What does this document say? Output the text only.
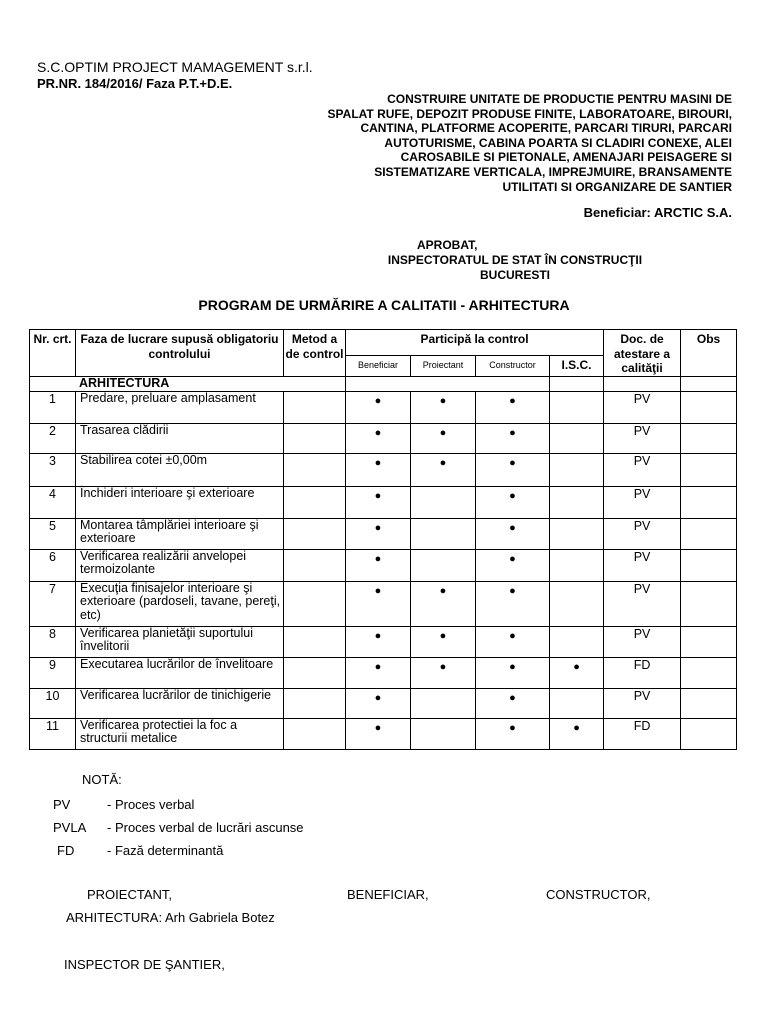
S.C.OPTIM PROJECT MAMAGEMENT s.r.l.
PR.NR. 184/2016/ Faza P.T.+D.E.
CONSTRUIRE UNITATE DE PRODUCTIE PENTRU MASINI DE
SPALAT RUFE, DEPOZIT PRODUSE FINITE, LABORATOARE, BIROURI,
CANTINA, PLATFORME ACOPERITE, PARCARI TIRURI, PARCARI
AUTOTURISME, CABINA POARTA SI CLADIRI CONEXE, ALEI
CAROSABILE SI PIETONALE, AMENAJARI PEISAGERE SI
SISTEMATIZARE VERTICALA, IMPREJMUIRE, BRANSAMENTE
UTILITATI SI ORGANIZARE DE SANTIER
Beneficiar: ARCTIC S.A.
APROBAT,
INSPECTORATUL DE STAT ÎN CONSTRUCŢII
BUCURESTI
PROGRAM DE URMĂRIRE A CALITATII - ARHITECTURA
Nr. crt.	Faza de lucrare supusă obligatoriu controlului	Metod a de control	Participă la control				Doc. de atestare a calităţii	Obs
			Beneficiar	Proiectant	Constructor	I.S.C.		
ARHITECTURA								
1	Predare, preluare amplasament		●	●	●		PV	
2	Trasarea clădirii		●	●	●		PV	
3	Stabilirea cotei ±0,00m		●	●	●		PV	
4	Închideri interioare şi exterioare		●		●		PV	
5	Montarea tâmplăriei interioare şi exterioare		●		●		PV	
6	Verificarea realizării anvelopei termoizolante		●		●		PV	
7	Execuţia finisajelor interioare şi exterioare (pardoseli, tavane, pereţi, etc)		●	●	●		PV	
8	Verificarea planietăţii suportului învelitorii		●	●	●		PV	
9	Executarea lucrărilor de învelitoare		●	●	●	●	FD	
10	Verificarea lucrărilor de tinichigerie		●		●		PV	
11	Verificarea protectiei la foc a structurii metalice		●		●	●	FD	
NOTĂ:
PV	- Proces verbal
PVLA - Proces verbal de lucrări ascunse
FD	- Fază determinantă
PROIECTANT,	BENEFICIAR,	CONSTRUCTOR,
ARHITECTURA: Arh Gabriela Botez
INSPECTOR DE ŞANTIER,
